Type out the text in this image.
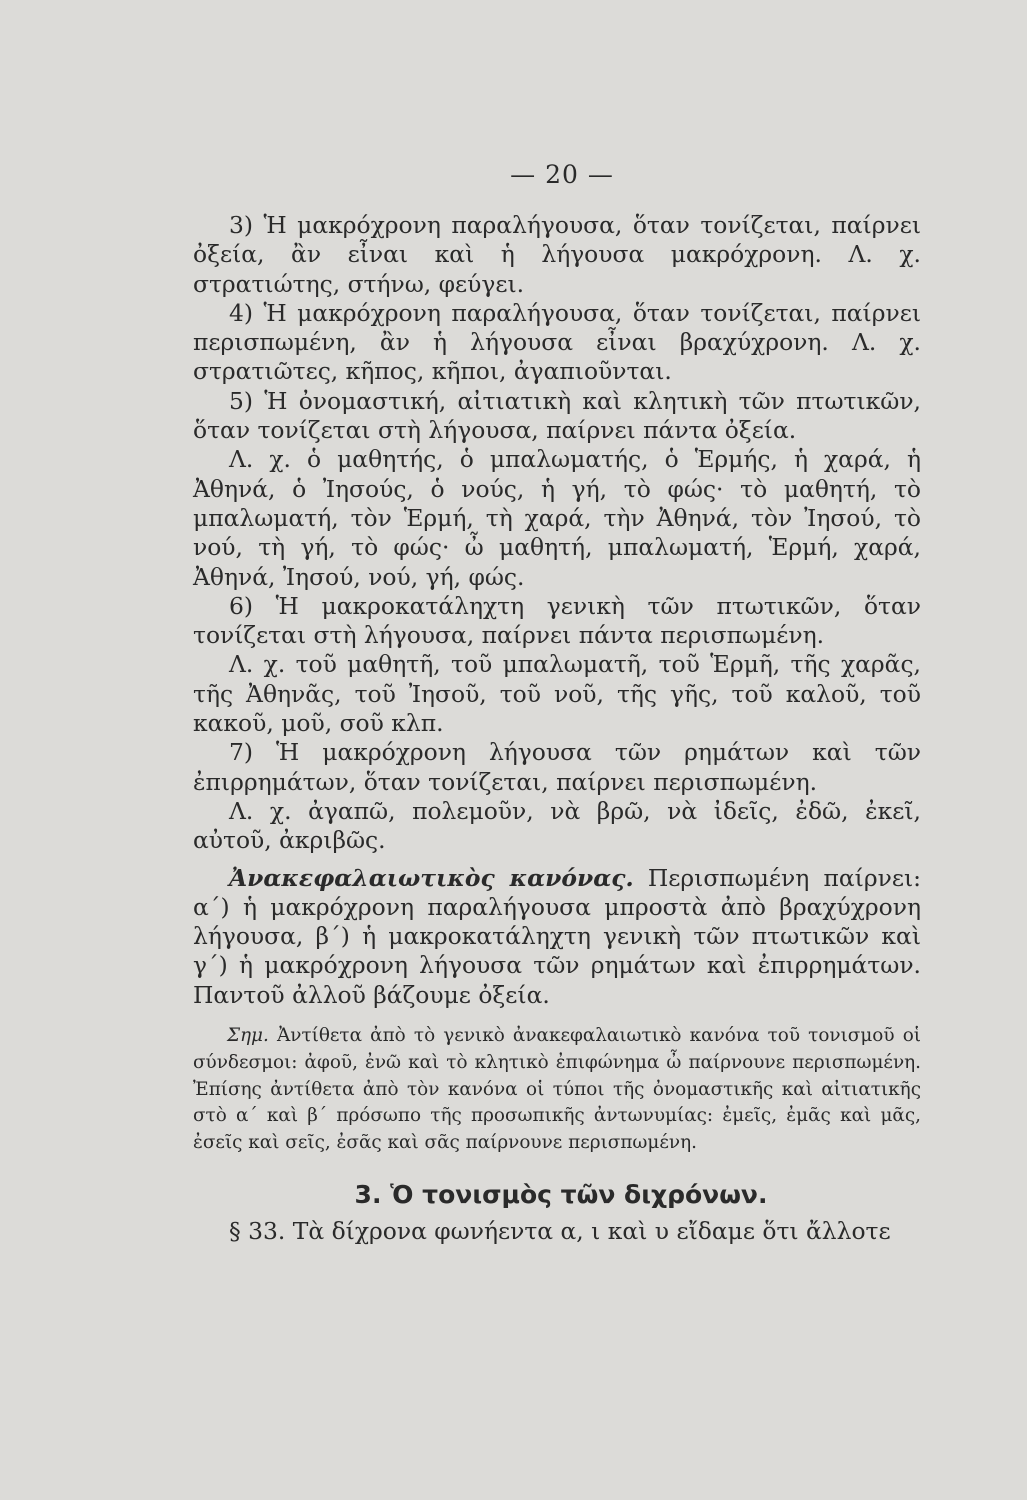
— 20 —

3) Ἡ μακρόχρονη παραλήγουσα, ὅταν τονίζεται, παίρνει ὀξεία, ἂν εἶναι καὶ ἡ λήγουσα μακρόχρονη. Λ. χ. στρατιώτης, στήνω, φεύγει.

4) Ἡ μακρόχρονη παραλήγουσα, ὅταν τονίζεται, παίρνει περισπωμένη, ἂν ἡ λήγουσα εἶναι βραχύχρονη. Λ. χ. στρατιῶτες, κῆπος, κῆποι, ἀγαπιοῦνται.

5) Ἡ ὀνομαστική, αἰτιατικὴ καὶ κλητικὴ τῶν πτωτικῶν, ὅταν τονίζεται στὴ λήγουσα, παίρνει πάντα ὀξεία.

Λ. χ. ὁ μαθητής, ὁ μπαλωματής, ὁ Ἑρμής, ἡ χαρά, ἡ Ἀθηνά, ὁ Ἰησούς, ὁ νούς, ἡ γή, τὸ φώς· τὸ μαθητή, τὸ μπαλωματή, τὸν Ἑρμή, τὴ χαρά, τὴν Ἀθηνά, τὸν Ἰησού, τὸ νού, τὴ γή, τὸ φώς· ὦ μαθητή, μπαλωματή, Ἑρμή, χαρά, Ἀθηνά, Ἰησού, νού, γή, φώς.

6) Ἡ μακροκατάληχτη γενικὴ τῶν πτωτικῶν, ὅταν τονίζεται στὴ λήγουσα, παίρνει πάντα περισπωμένη.

Λ. χ. τοῦ μαθητῆ, τοῦ μπαλωματῆ, τοῦ Ἑρμῆ, τῆς χαρᾶς, τῆς Ἀθηνᾶς, τοῦ Ἰησοῦ, τοῦ νοῦ, τῆς γῆς, τοῦ καλοῦ, τοῦ κακοῦ, μοῦ, σοῦ κλπ.

7) Ἡ μακρόχρονη λήγουσα τῶν ρημάτων καὶ τῶν ἐπιρρημάτων, ὅταν τονίζεται, παίρνει περισπωμένη.

Λ. χ. ἀγαπῶ, πολεμοῦν, νὰ βρῶ, νὰ ἰδεῖς, ἐδῶ, ἐκεῖ, αὐτοῦ, ἀκριβῶς.

Ἀνακεφαλαιωτικὸς κανόνας. Περισπωμένη παίρνει: α΄) ἡ μακρόχρονη παραλήγουσα μπροστὰ ἀπὸ βραχύχρονη λήγουσα, β΄) ἡ μακροκατάληχτη γενικὴ τῶν πτωτικῶν καὶ γ΄) ἡ μακρόχρονη λήγουσα τῶν ρημάτων καὶ ἐπιρρημάτων. Παντοῦ ἀλλοῦ βάζουμε ὀξεία.

Σημ. Ἀντίθετα ἀπὸ τὸ γενικὸ ἀνακεφαλαιωτικὸ κανόνα τοῦ τονισμοῦ οἱ σύνδεσμοι: ἀφοῦ, ἐνῶ καὶ τὸ κλητικὸ ἐπιφώνημα ὦ παίρνουνε περισπωμένη. Ἐπίσης ἀντίθετα ἀπὸ τὸν κανόνα οἱ τύποι τῆς ὀνομαστικῆς καὶ αἰτιατικῆς στὸ α΄ καὶ β΄ πρόσωπο τῆς προσωπικῆς ἀντωνυμίας: ἐμεῖς, ἐμᾶς καὶ μᾶς, ἐσεῖς καὶ σεῖς, ἐσᾶς καὶ σᾶς παίρνουνε περισπωμένη.

3. Ὁ τονισμὸς τῶν διχρόνων.

§ 33. Τὰ δίχρονα φωνήεντα α, ι καὶ υ εἴδαμε ὅτι ἄλλοτε
